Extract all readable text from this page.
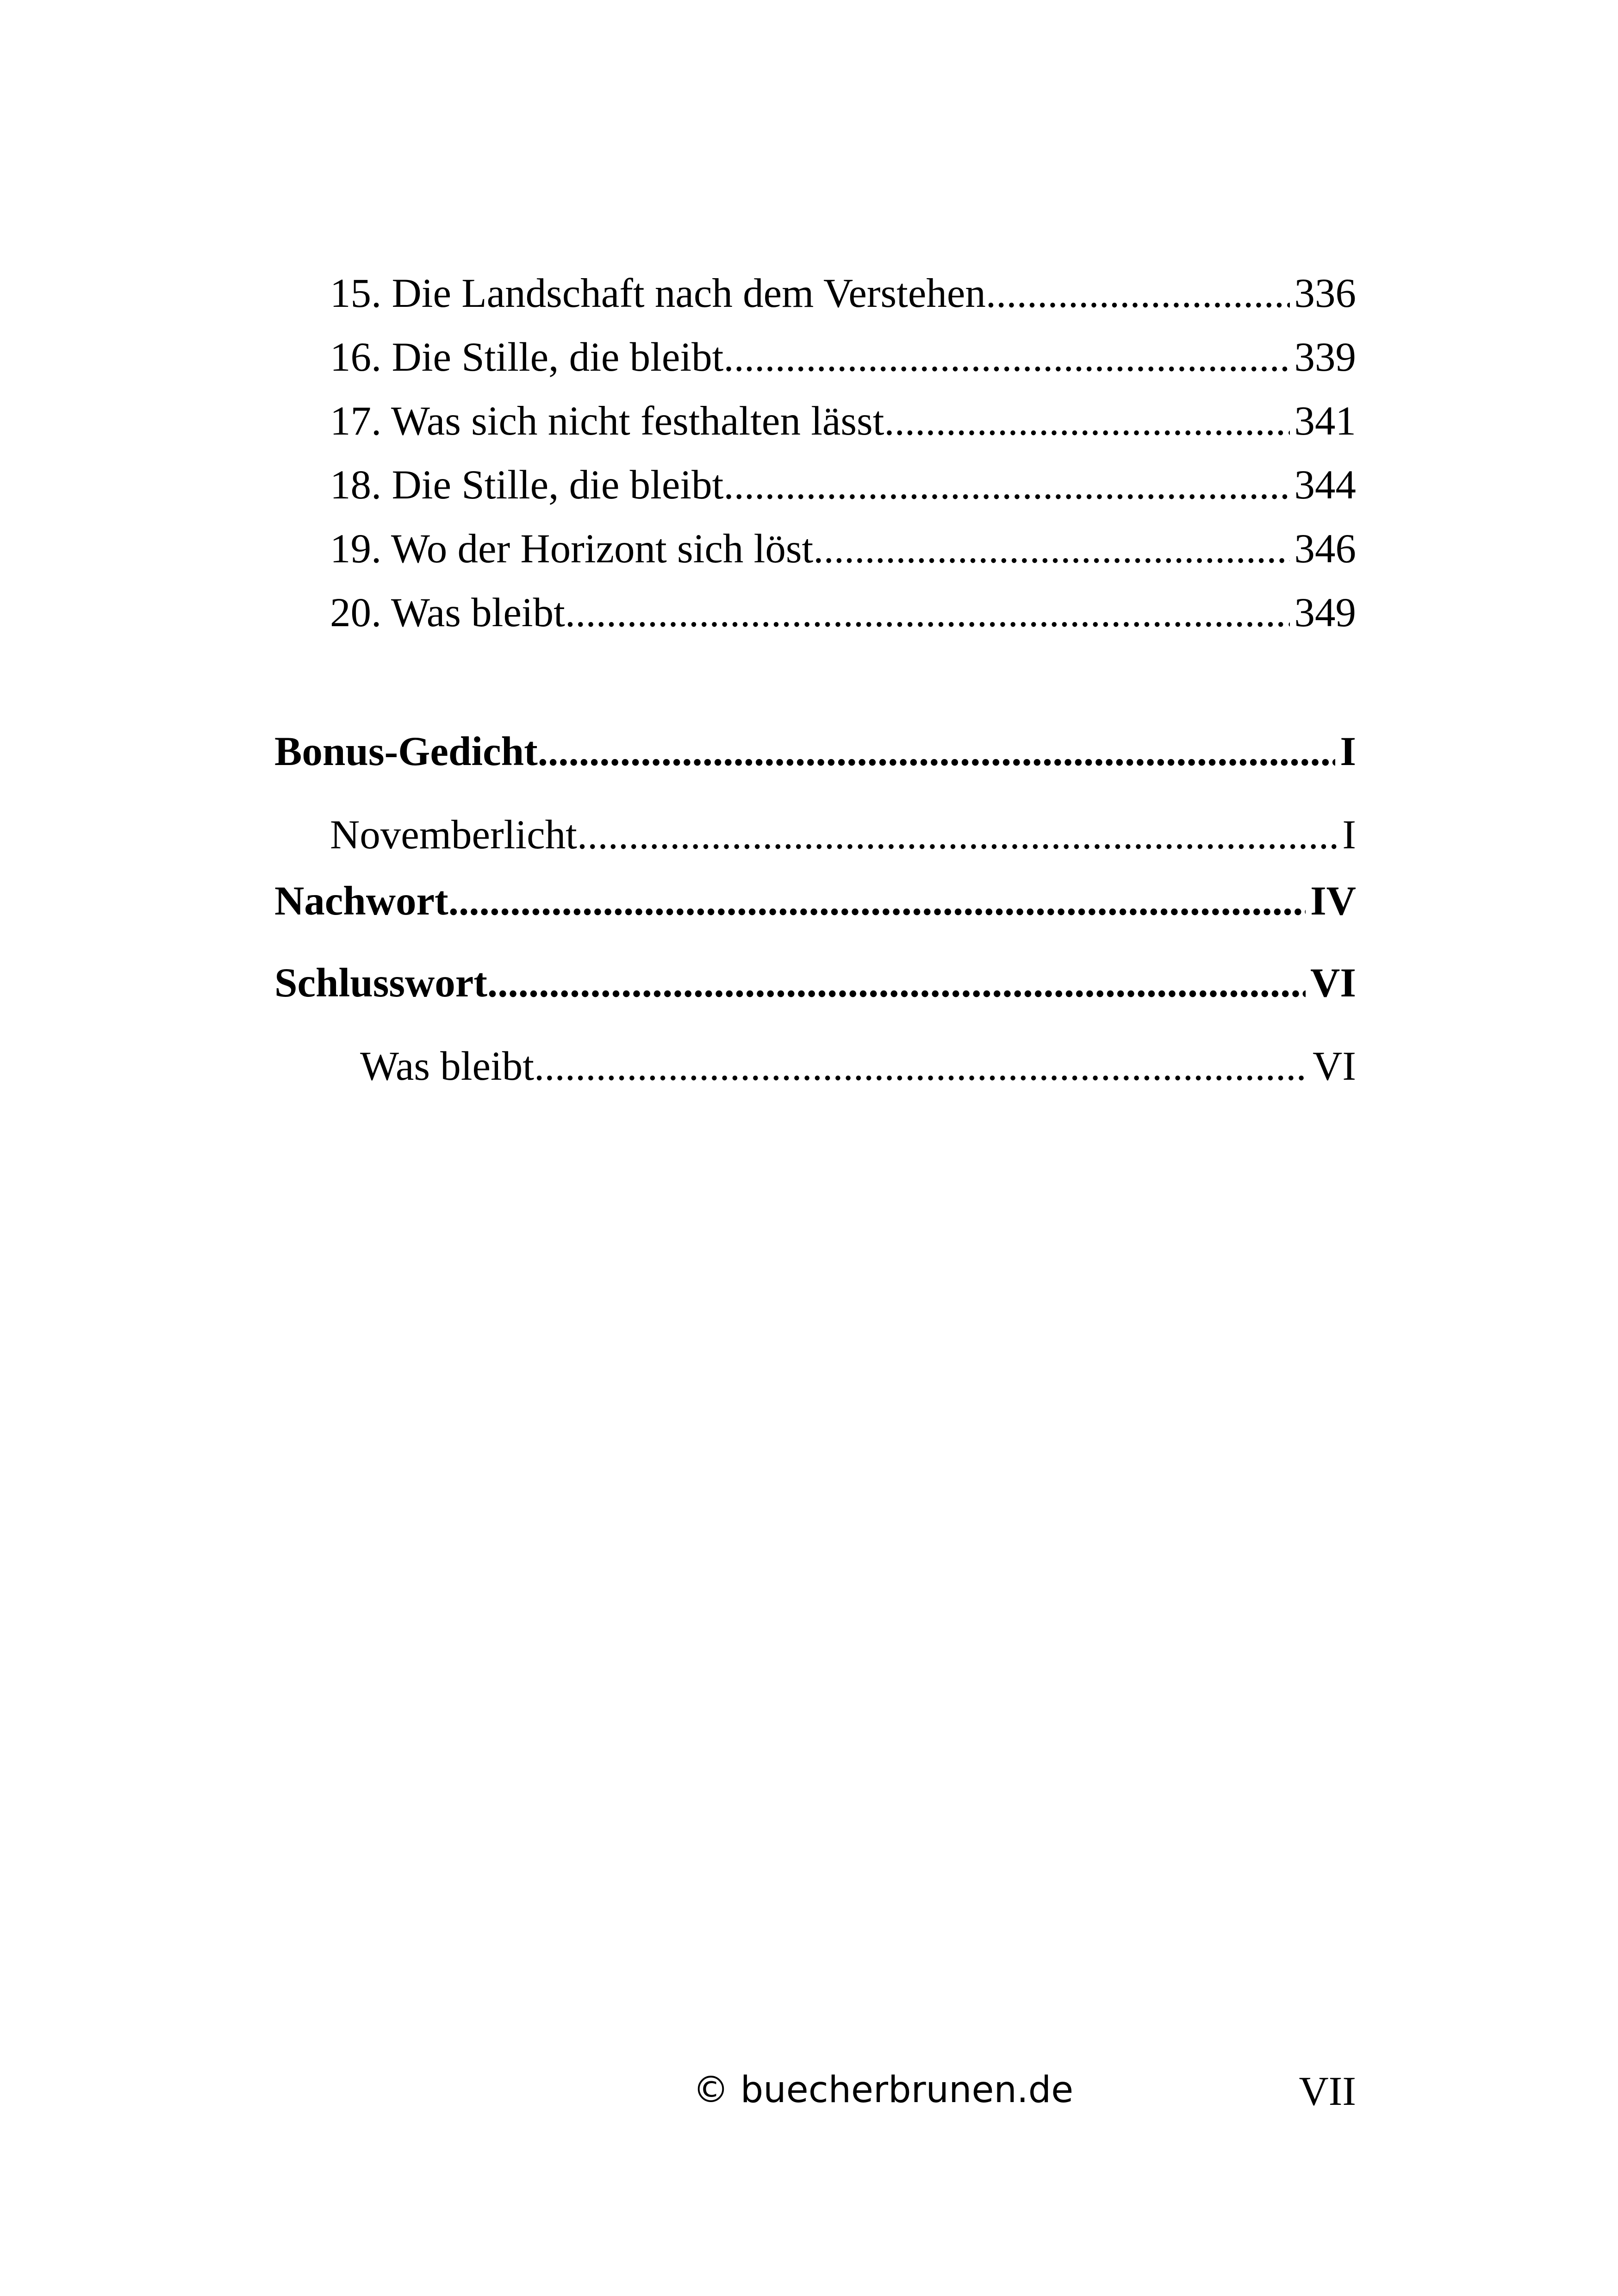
15. Die Landschaft nach dem Verstehen .....	336
16. Die Stille, die bleibt .....	339
17. Was sich nicht festhalten lässt .....	341
18. Die Stille, die bleibt .....	344
19. Wo der Horizont sich löst .....	346
20. Was bleibt .....	349
Bonus-Gedicht .....	I
Novemberlicht .....	I
Nachwort .....	IV
Schlusswort .....	VI
Was bleibt .....	VI
© buecherbrunen.de	VII
